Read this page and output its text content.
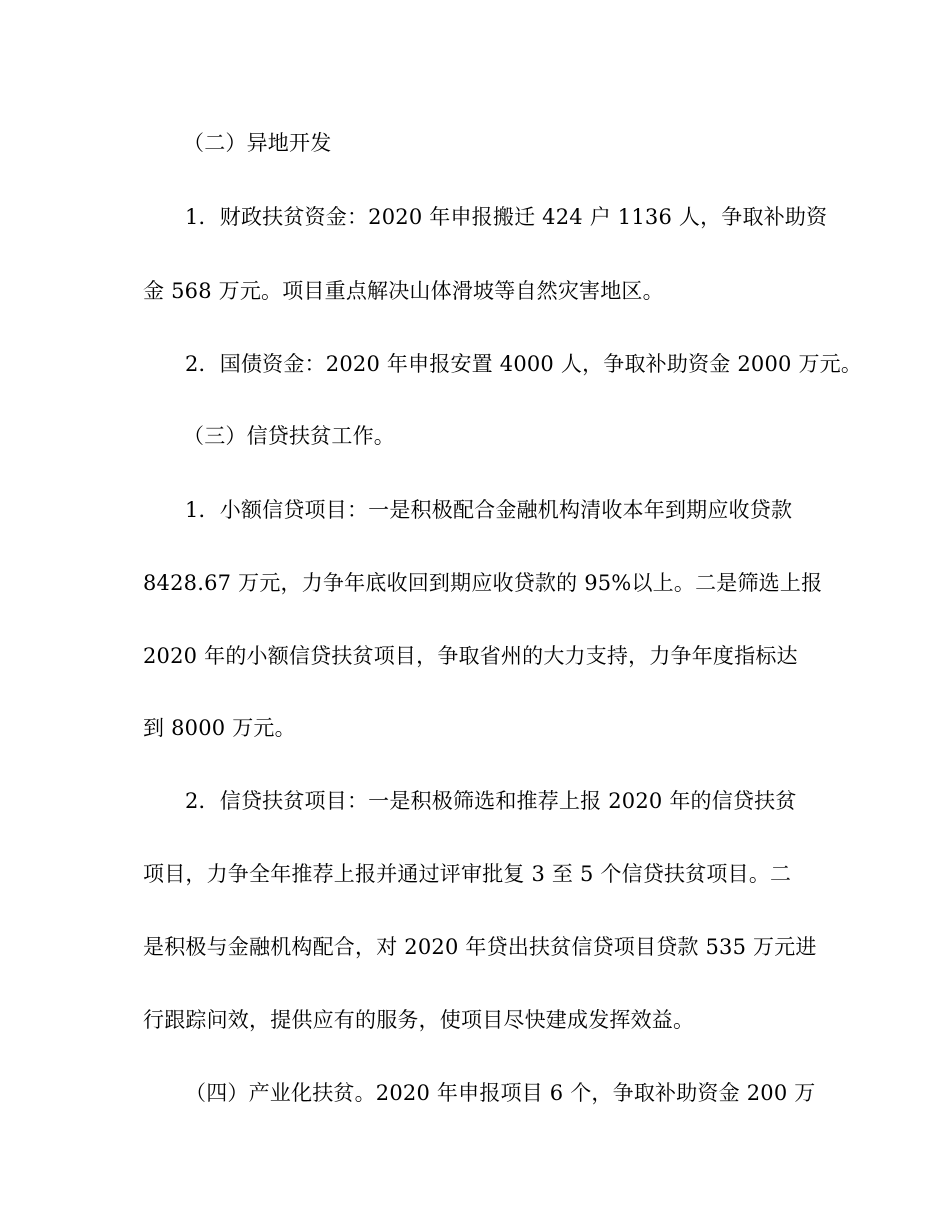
（二）异地开发
1．财政扶贫资金：2020 年申报搬迁 424 户 1136 人，争取补助资
金 568 万元。项目重点解决山体滑坡等自然灾害地区。
2．国债资金：2020 年申报安置 4000 人，争取补助资金 2000 万元。
（三）信贷扶贫工作。
1．小额信贷项目：一是积极配合金融机构清收本年到期应收贷款
8428.67 万元，力争年底收回到期应收贷款的 95%以上。二是筛选上报
2020 年的小额信贷扶贫项目，争取省州的大力支持，力争年度指标达
到 8000 万元。
2．信贷扶贫项目：一是积极筛选和推荐上报 2020 年的信贷扶贫
项目，力争全年推荐上报并通过评审批复 3 至 5 个信贷扶贫项目。二
是积极与金融机构配合，对 2020 年贷出扶贫信贷项目贷款 535 万元进
行跟踪问效，提供应有的服务，使项目尽快建成发挥效益。
（四）产业化扶贫。2020 年申报项目 6 个，争取补助资金 200 万
